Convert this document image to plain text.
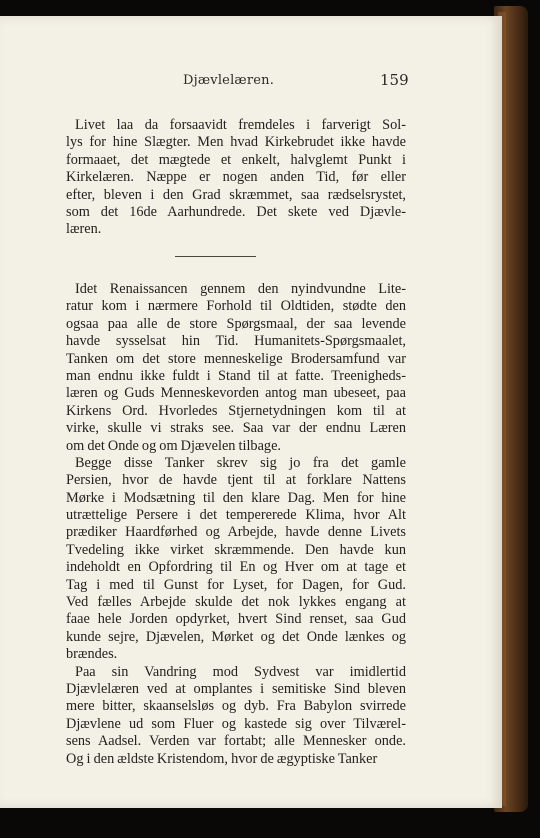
Djævlelæren.	159
Livet laa da forsaavidt fremdeles i farverigt Sol-
lys for hine Slægter. Men hvad Kirkebrudet ikke havde
formaaet, det mægtede et enkelt, halvglemt Punkt i
Kirkelæren. Næppe er nogen anden Tid, før eller
efter, bleven i den Grad skræmmet, saa rædselsrystet,
som det 16de Aarhundrede. Det skete ved Djævle-
læren.
Idet Renaissancen gennem den nyindvundne Lite-
ratur kom i nærmere Forhold til Oldtiden, stødte den
ogsaa paa alle de store Spørgsmaal, der saa levende
havde sysselsat hin Tid. Humanitets-Spørgsmaalet,
Tanken om det store menneskelige Brodersamfund var
man endnu ikke fuldt i Stand til at fatte. Treenigheds-
læren og Guds Menneskevorden antog man ubeseet, paa
Kirkens Ord. Hvorledes Stjernetydningen kom til at
virke, skulle vi straks see. Saa var der endnu Læren
om det Onde og om Djævelen tilbage.
Begge disse Tanker skrev sig jo fra det gamle
Persien, hvor de havde tjent til at forklare Nattens
Mørke i Modsætning til den klare Dag. Men for hine
utrættelige Persere i det tempererede Klima, hvor Alt
prædiker Haardførhed og Arbejde, havde denne Livets
Tvedeling ikke virket skræmmende. Den havde kun
indeholdt en Opfordring til En og Hver om at tage et
Tag i med til Gunst for Lyset, for Dagen, for Gud.
Ved fælles Arbejde skulde det nok lykkes engang at
faae hele Jorden opdyrket, hvert Sind renset, saa Gud
kunde sejre, Djævelen, Mørket og det Onde lænkes og
brændes.
Paa sin Vandring mod Sydvest var imidlertid
Djævlelæren ved at omplantes i semitiske Sind bleven
mere bitter, skaanselsløs og dyb. Fra Babylon svirrede
Djævlene ud som Fluer og kastede sig over Tilværel-
sens Aadsel. Verden var fortabt; alle Mennesker onde.
Og i den ældste Kristendom, hvor de ægyptiske Tanker
